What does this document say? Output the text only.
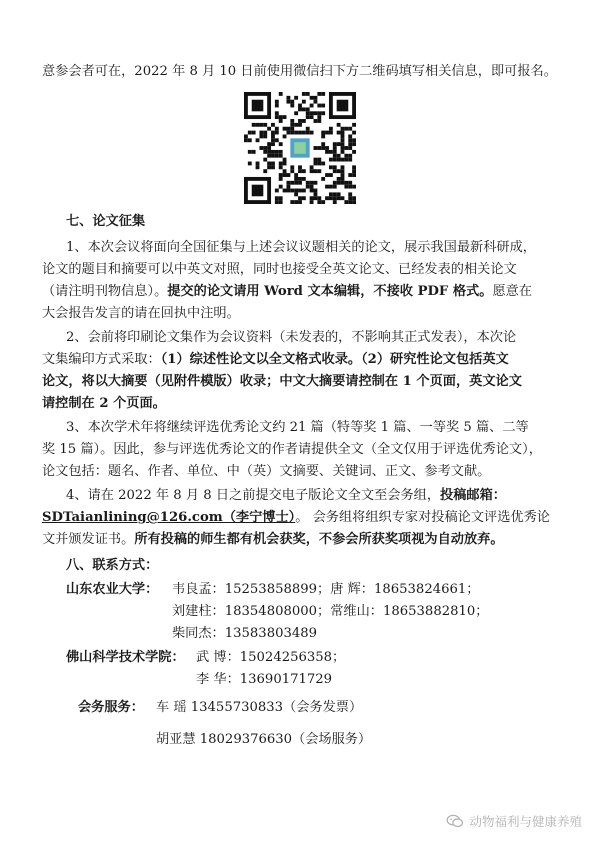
意参会者可在，2022 年 8 月 10 日前使用微信扫下方二维码填写相关信息，即可报名。
七、论文征集
1、本次会议将面向全国征集与上述会议议题相关的论文，展示我国最新科研成，
论文的题目和摘要可以中英文对照，同时也接受全英文论文、已经发表的相关论文
（请注明刊物信息）。提交的论文请用 Word 文本编辑，不接收 PDF 格式。愿意在
大会报告发言的请在回执中注明。
2、会前将印刷论文集作为会议资料（未发表的，不影响其正式发表），本次论
文集编印方式采取：（1）综述性论文以全文格式收录。（2）研究性论文包括英文
论文，将以大摘要（见附件模版）收录；中文大摘要请控制在 1 个页面，英文论文
请控制在 2 个页面。
3、本次学术年将继续评选优秀论文约 21 篇（特等奖 1 篇、一等奖 5 篇、二等
奖 15 篇）。因此，参与评选优秀论文的作者请提供全文（全文仅用于评选优秀论文），
论文包括：题名、作者、单位、中（英）文摘要、关键词、正文、参考文献。
4、请在 2022 年 8 月 8 日之前提交电子版论文全文至会务组，投稿邮箱：
SDTaianlining@126.com（李宁博士）。 会务组将组织专家对投稿论文评选优秀论
文并颁发证书。所有投稿的师生都有机会获奖，不参会所获奖项视为自动放弃。
八、联系方式：
山东农业大学：	韦良孟：15253858899；唐 辉：18653824661；
刘建柱：18354808000；常维山：18653882810；
柴同杰：13583803489
佛山科学技术学院： 武 博：15024256358；
李 华：13690171729
会务服务： 车 瑶 13455730833（会务发票）
胡亚慧 18029376630（会场服务）
动物福利与健康养殖
